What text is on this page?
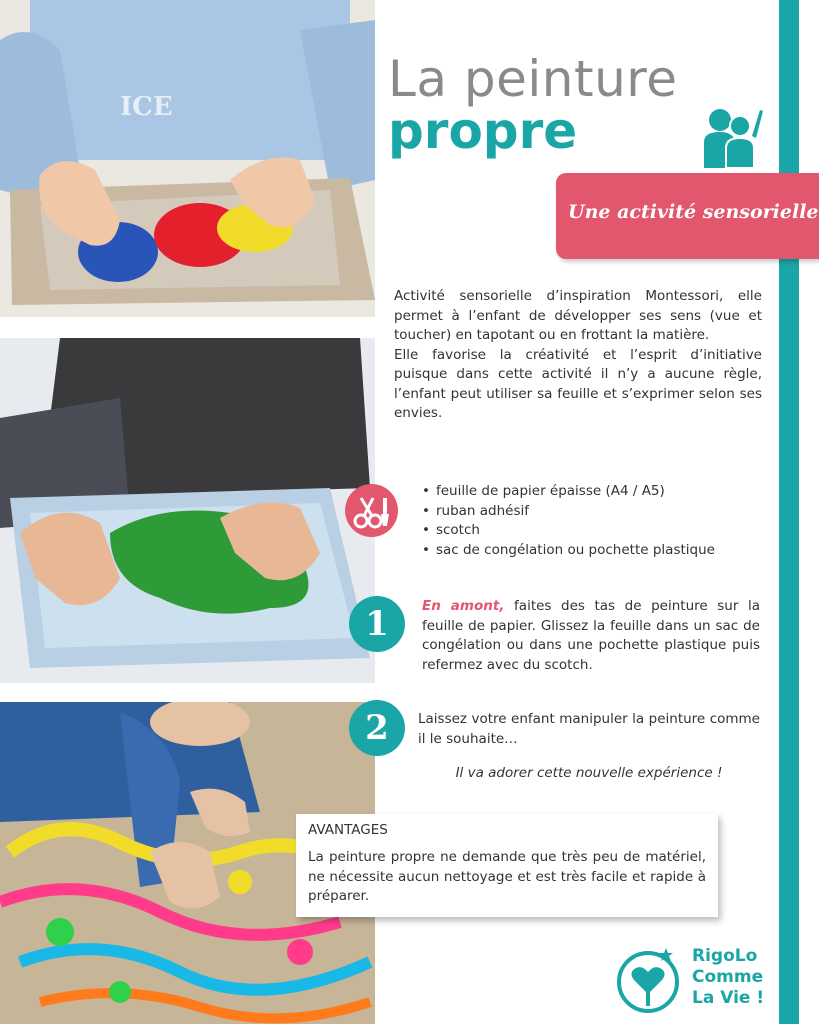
ICE	La peinture
propre
Une activité sensorielle

Activité sensorielle d’inspiration Montessori, elle permet à l’enfant de développer ses sens (vue et toucher) en tapotant ou en frottant la matière.

Elle favorise la créativité et l’esprit d’initiative puisque dans cette activité il n’y a aucune règle, l’enfant peut utiliser sa feuille et s’exprimer selon ses envies.

• feuille de papier épaisse (A4 / A5)
• ruban adhésif
• scotch
• sac de congélation ou pochette plastique
1	En amont, faites des tas de peinture sur la feuille de papier. Glissez la feuille dans un sac de congélation ou dans une pochette plastique puis refermez avec du scotch.
2	Laissez votre enfant manipuler la peinture comme il le souhaite…
Il va adorer cette nouvelle expérience !
AVANTAGES
La peinture propre ne demande que très peu de matériel, ne nécessite aucun nettoyage et est très facile et rapide à préparer.
RigoLo
Comme
La Vie !
